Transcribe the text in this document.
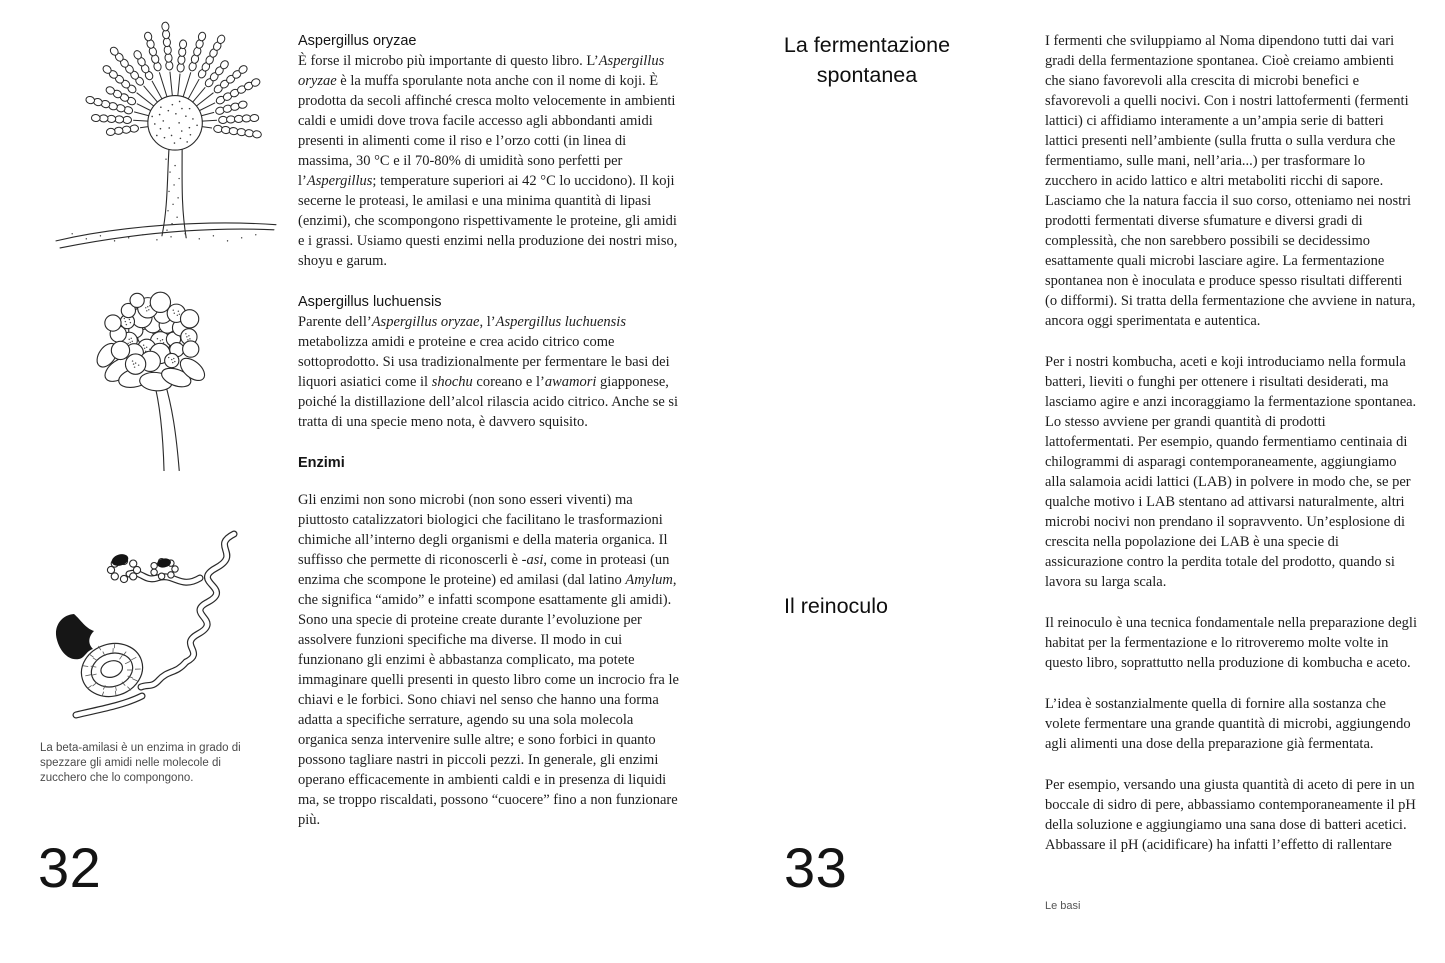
La beta-amilasi è un enzima in grado di spezzare gli amidi nelle molecole di zucchero che lo compongono.
32
Aspergillus oryzae

È forse il microbo più importante di questo libro. L’Aspergillus oryzae è la muffa sporulante nota anche con il nome di koji. È prodotta da secoli affinché cresca molto velocemente in ambienti caldi e umidi dove trova facile accesso agli abbondanti amidi presenti in alimenti come il riso e l’orzo cotti (in linea di massima, 30 °C e il 70-80% di umidità sono perfetti per l’Aspergillus; temperature superiori ai 42 °C lo uccidono). Il koji secerne le proteasi, le amilasi e una minima quantità di lipasi (enzimi), che scompongono rispettivamente le proteine, gli amidi e i grassi. Usiamo questi enzimi nella produzione dei nostri miso, shoyu e garum.

Aspergillus luchuensis

Parente dell’Aspergillus oryzae, l’Aspergillus luchuensis metabolizza amidi e proteine e crea acido citrico come sottoprodotto. Si usa tradizionalmente per fermentare le basi dei liquori asiatici come il shochu coreano e l’awamori giapponese, poiché la distillazione dell’alcol rilascia acido citrico. Anche se si tratta di una specie meno nota, è davvero squisito.

Enzimi

Gli enzimi non sono microbi (non sono esseri viventi) ma piuttosto catalizzatori biologici che facilitano le trasformazioni chimiche all’interno degli organismi e della materia organica. Il suffisso che permette di riconoscerli è -asi, come in proteasi (un enzima che scompone le proteine) ed amilasi (dal latino Amylum, che significa “amido” e infatti scompone esattamente gli amidi). Sono una specie di proteine create durante l’evoluzione per assolvere funzioni specifiche ma diverse. Il modo in cui funzionano gli enzimi è abbastanza complicato, ma potete immaginare quelli presenti in questo libro come un incrocio fra le chiavi e le forbici. Sono chiavi nel senso che hanno una forma adatta a specifiche serrature, agendo su una sola molecola organica senza intervenire sulle altre; e sono forbici in quanto possono tagliare nastri in piccoli pezzi. In generale, gli enzimi operano efficacemente in ambienti caldi e in presenza di liquidi ma, se troppo riscaldati, possono “cuocere” fino a non funzionare più.

La fermentazione spontanea
Il reinoculo

I fermenti che sviluppiamo al Noma dipendono tutti dai vari gradi della fermentazione spontanea. Cioè creiamo ambienti che siano favorevoli alla crescita di microbi benefici e sfavorevoli a quelli nocivi. Con i nostri lattofermenti (fermenti lattici) ci affidiamo interamente a un’ampia serie di batteri lattici presenti nell’ambiente (sulla frutta o sulla verdura che fermentiamo, sulle mani, nell’aria...) per trasformare lo zucchero in acido lattico e altri metaboliti ricchi di sapore. Lasciamo che la natura faccia il suo corso, otteniamo nei nostri prodotti fermentati diverse sfumature e diversi gradi di complessità, che non sarebbero possibili se decidessimo esattamente quali microbi lasciare agire. La fermentazione spontanea non è inoculata e produce spesso risultati differenti (o difformi). Si tratta della fermentazione che avviene in natura, ancora oggi sperimentata e autentica.

Per i nostri kombucha, aceti e koji introduciamo nella formula batteri, lieviti o funghi per ottenere i risultati desiderati, ma lasciamo agire e anzi incoraggiamo la fermentazione spontanea. Lo stesso avviene per grandi quantità di prodotti lattofermentati. Per esempio, quando fermentiamo centinaia di chilogrammi di asparagi contemporaneamente, aggiungiamo alla salamoia acidi lattici (LAB) in polvere in modo che, se per qualche motivo i LAB stentano ad attivarsi naturalmente, altri microbi nocivi non prendano il sopravvento. Un’esplosione di crescita nella popolazione dei LAB è una specie di assicurazione contro la perdita totale del prodotto, quando si lavora su larga scala.

Il reinoculo è una tecnica fondamentale nella preparazione degli habitat per la fermentazione e lo ritroveremo molte volte in questo libro, soprattutto nella produzione di kombucha e aceto.

L’idea è sostanzialmente quella di fornire alla sostanza che volete fermentare una grande quantità di microbi, aggiungendo agli alimenti una dose della preparazione già fermentata.

Per esempio, versando una giusta quantità di aceto di pere in un boccale di sidro di pere, abbassiamo contemporaneamente il pH della soluzione e aggiungiamo una sana dose di batteri acetici. Abbassare il pH (acidificare) ha infatti l’effetto di rallentare

33
Le basi
